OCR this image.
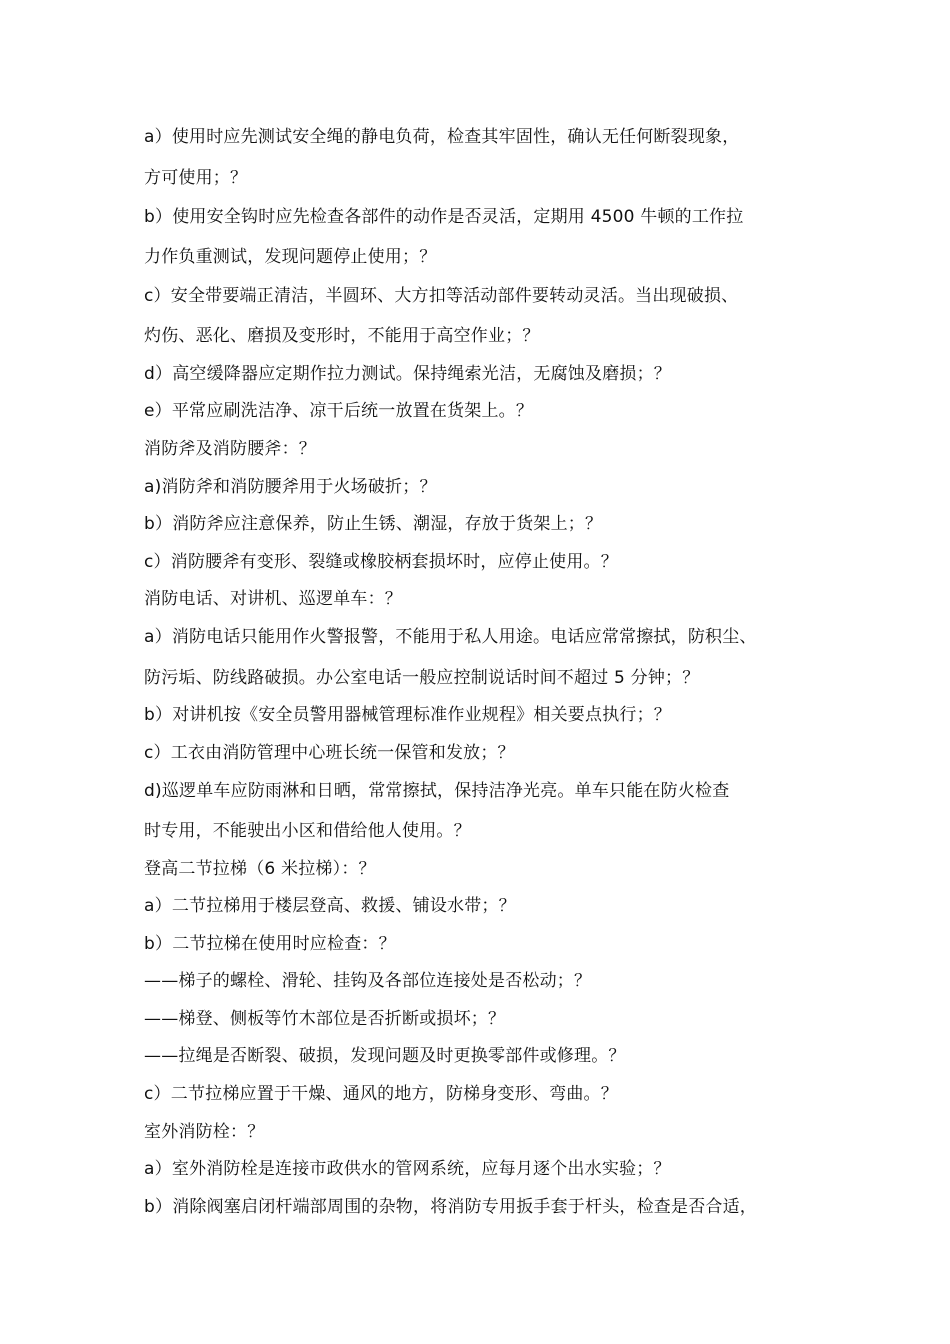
a）使用时应先测试安全绳的静电负荷，检查其牢固性，确认无任何断裂现象，
方可使用；？
b）使用安全钩时应先检查各部件的动作是否灵活，定期用 4500 牛顿的工作拉
力作负重测试，发现问题停止使用；？
c）安全带要端正清洁，半圆环、大方扣等活动部件要转动灵活。当出现破损、
灼伤、恶化、磨损及变形时，不能用于高空作业；？
d）高空缓降器应定期作拉力测试。保持绳索光洁，无腐蚀及磨损；？
e）平常应刷洗洁净、凉干后统一放置在货架上。？
消防斧及消防腰斧：？
a)消防斧和消防腰斧用于火场破折；？
b）消防斧应注意保养，防止生锈、潮湿，存放于货架上；？
c）消防腰斧有变形、裂缝或橡胶柄套损坏时，应停止使用。？
消防电话、对讲机、巡逻单车：？
a）消防电话只能用作火警报警，不能用于私人用途。电话应常常擦拭，防积尘、
防污垢、防线路破损。办公室电话一般应控制说话时间不超过 5 分钟；？
b）对讲机按《安全员警用器械管理标准作业规程》相关要点执行；？
c）工衣由消防管理中心班长统一保管和发放；？
d)巡逻单车应防雨淋和日晒，常常擦拭，保持洁净光亮。单车只能在防火检查
时专用，不能驶出小区和借给他人使用。？
登高二节拉梯（6 米拉梯）：？
a）二节拉梯用于楼层登高、救援、铺设水带；？
b）二节拉梯在使用时应检查：？
——梯子的螺栓、滑轮、挂钩及各部位连接处是否松动；？
——梯登、侧板等竹木部位是否折断或损坏；？
——拉绳是否断裂、破损，发现问题及时更换零部件或修理。？
c）二节拉梯应置于干燥、通风的地方，防梯身变形、弯曲。？
室外消防栓：？
a）室外消防栓是连接市政供水的管网系统，应每月逐个出水实验；？
b）消除阀塞启闭杆端部周围的杂物，将消防专用扳手套于杆头，检查是否合适，
